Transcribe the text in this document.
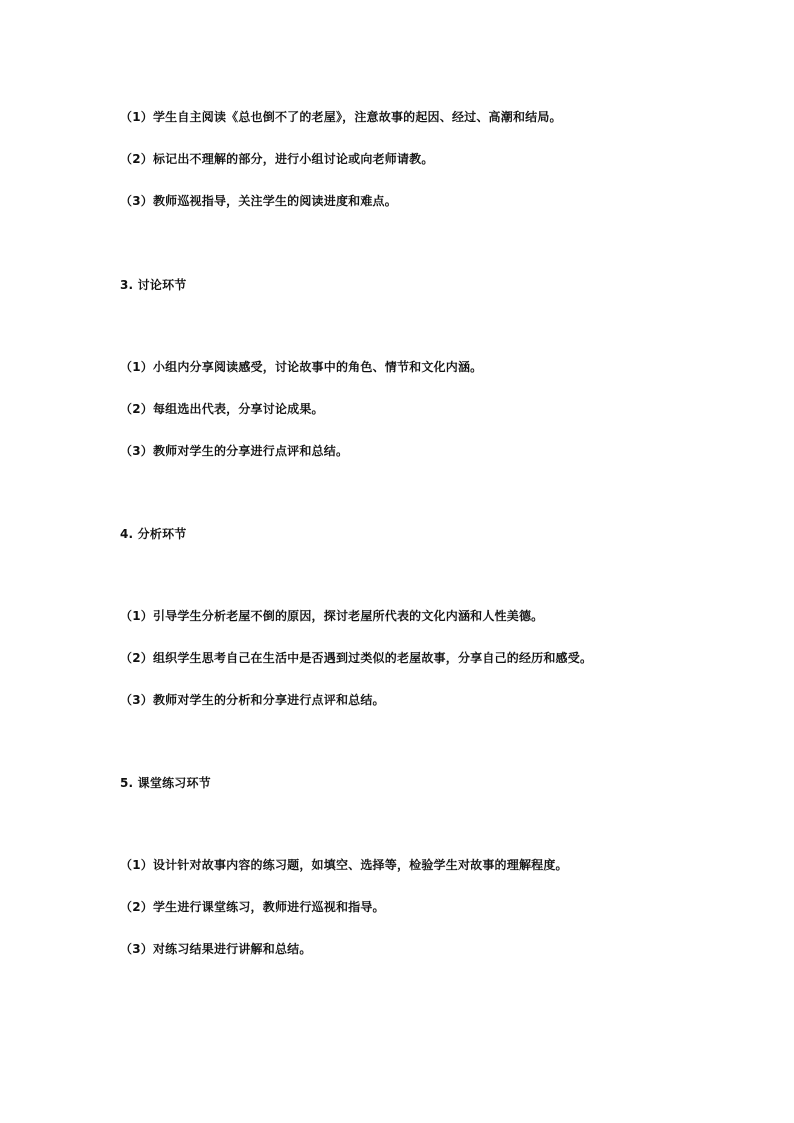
（1）学生自主阅读《总也倒不了的老屋》，注意故事的起因、经过、高潮和结局。
（2）标记出不理解的部分，进行小组讨论或向老师请教。
（3）教师巡视指导，关注学生的阅读进度和难点。
3. 讨论环节
（1）小组内分享阅读感受，讨论故事中的角色、情节和文化内涵。
（2）每组选出代表，分享讨论成果。
（3）教师对学生的分享进行点评和总结。
4. 分析环节
（1）引导学生分析老屋不倒的原因，探讨老屋所代表的文化内涵和人性美德。
（2）组织学生思考自己在生活中是否遇到过类似的老屋故事，分享自己的经历和感受。
（3）教师对学生的分析和分享进行点评和总结。
5. 课堂练习环节
（1）设计针对故事内容的练习题，如填空、选择等，检验学生对故事的理解程度。
（2）学生进行课堂练习，教师进行巡视和指导。
（3）对练习结果进行讲解和总结。
